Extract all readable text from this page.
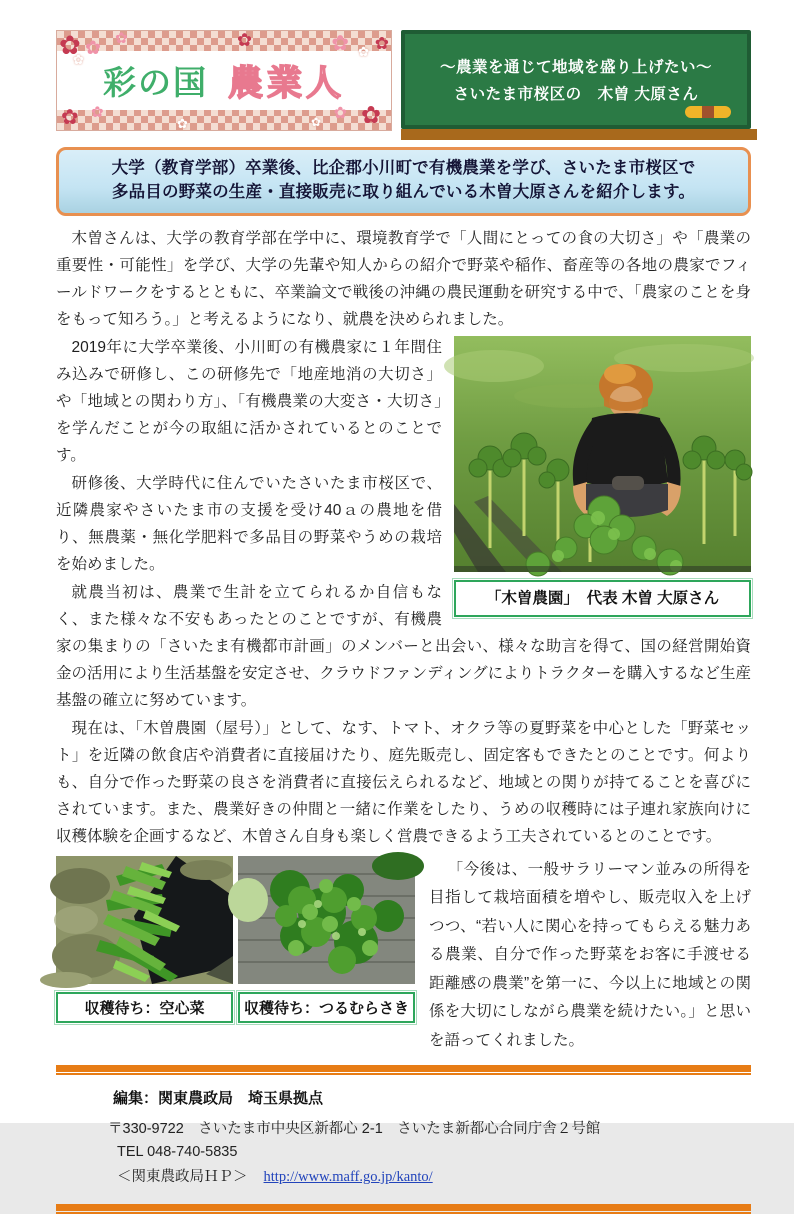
✿
✿
✿
✿
✿
✿
✿
✿
✿
✿
✿
✿
✿
✿
彩の国 農業人	～農業を通じて地域を盛り上げたい～
さいたま市桜区の　木曽 大原さん
大学（教育学部）卒業後、比企郡小川町で有機農業を学び、さいたま市桜区で
多品目の野菜の生産・直接販売に取り組んでいる木曽大原さんを紹介します。

木曽さんは、大学の教育学部在学中に、環境教育学で「人間にとっての食の大切さ」や「農業の重要性・可能性」を学び、大学の先輩や知人からの紹介で野菜や稲作、畜産等の各地の農家でフィールドワークをするとともに、卒業論文で戦後の沖縄の農民運動を研究する中で、「農家のことを身をもって知ろう。」と考えるようになり、就農を決められました。

「木曽農園」　代表 木曽 大原さん

2019年に大学卒業後、小川町の有機農家に１年間住み込みで研修し、この研修先で「地産地消の大切さ」や「地域との関わり方」、「有機農業の大変さ・大切さ」を学んだことが今の取組に活かされているとのことです。

研修後、大学時代に住んでいたさいたま市桜区で、近隣農家やさいたま市の支援を受け40ａの農地を借り、無農薬・無化学肥料で多品目の野菜やうめの栽培を始めました。

就農当初は、農業で生計を立てられるか自信もなく、また様々な不安もあったとのことですが、有機農家の集まりの「さいたま有機都市計画」のメンバーと出会い、様々な助言を得て、国の経営開始資金の活用により生活基盤を安定させ、クラウドファンディングによりトラクターを購入するなど生産基盤の確立に努めています。

現在は、「木曽農園（屋号）」として、なす、トマト、オクラ等の夏野菜を中心とした「野菜セット」を近隣の飲食店や消費者に直接届けたり、庭先販売し、固定客もできたとのことです。何よりも、自分で作った野菜の良さを消費者に直接伝えられるなど、地域との関りが持てることを喜びにされています。また、農業好きの仲間と一緒に作業をしたり、うめの収穫時には子連れ家族向けに収穫体験を企画するなど、木曽さん自身も楽しく営農できるよう工夫されているとのことです。

収穫待ち：空心菜	収穫待ち：つるむらさき

「今後は、一般サラリーマン並みの所得を目指して栽培面積を増やし、販売収入を上げつつ、“若い人に関心を持ってもらえる魅力ある農業、自分で作った野菜をお客に手渡せる距離感の農業”を第一に、今以上に地域との関係を大切にしながら農業を続けたい。」と思いを語ってくれました。

編集：関東農政局　埼玉県拠点

〒330-9722　さいたま市中央区新都心 2-1　さいたま新都心合同庁舎２号館

TEL 048-740-5835

＜関東農政局ＨＰ＞ http://www.maff.go.jp/kanto/
